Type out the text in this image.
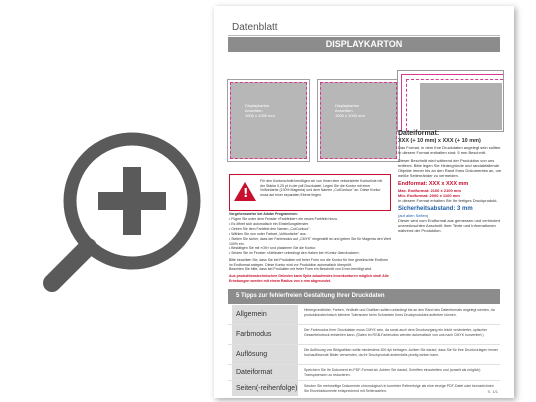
Datenblatt
DISPLAYKARTON
Displaykarton
Ansichten
1000 x 1000 mm
Displaykarton
Ansichten
1000 x 1000 mm
Dateiformat:
XXX (+ 10 mm) x XXX (+ 10 mm)
Das Format, in dem Ihre Druckdaten angelegt sein sollten. In diesem Format enthalten sind: 5 mm Beschnitt.
Dieser Beschnitt wird während der Produktion von uns entfernt. Bitte legen Sie Hintergründe und randabfallende Objekte immer bis an den Rand Ihres Dokumentes an, um weiße Seitenränder zu vermeiden.
Endformat: XXX x XXX mm
Max. Endformat: 2100 x 2100 mm
Min. Endformat: 2000 x 1100 mm
In diesem Format erhalten Sie Ihr fertiges Druckprodukt.
Sicherheitsabstand: 3 mm
(auf allen Seiten)
Dieser wird vom Endformat aus gemessen und verhindert unerwünschten Anschnitt Ihrer Texte und Informationen während der Produktion.
!
Für den Konturschnitt benötigen wir von Ihnen eine vektorisierte Konturlinie mit der Stärke 0,25 pt in der pdf-Druckdatei. Legen Sie die Kontur mit einer Volltonfarbe (100% Magenta) und dem Namen „CutContour" an. Diese Kontur muss auf einer separaten Ebene liegen.
Vorgehensweise bei Adobe Programmen:
• Fügen Sie unter dem Fenster »Farbfelder« ein neues Farbfeld hinzu.
• Es öffnet sich automatisch ein Einstellungsfenster.
• Geben Sie dem Farbfeld den Namen „CutContour".
• Wählen Sie nun unter Farbart „Volltonfarbe" aus.
• Stellen Sie sicher, dass der Farbmodus auf „CMYK" eingestellt ist und geben Sie für Magenta den Wert 100% ein.
• Bestätigen Sie mit »OK« und platzieren Sie die Kontur.
• Setzen Sie im Fenster »Attribute« unbedingt den Haken bei »Kontur überdrucken«.
Bitte beachten Sie, dass Sie bei Produkten mit freier Form nur die Kontur für Ihre gewünschte Endform im Endformat anlegen. Diese Kontur wird vor Produktion automatisch überprüft.
Beachten Sie bitte, dass bei Produkten mit freier Form ein Beschnitt von 5 mm benötigt wird.
Aus produktionstechnischen Gründen kann Spitz zulaufendes Innenkonturen möglich sind! Alle Erhebungen werden mit einem Radius von x mm abgerundet.
5 Tipps zur fehlerfreien Gestaltung Ihrer Druckdaten
Allgemein
Hintergrundbilder, Farben, Verläufe und Grafiken sollten unbedingt bis an den Rand des Datenformats angelegt werden, da produktionstechnisch kleinere Toleranzen beim Schneiden Ihres Druckproduktes auftreten können.
Farbmodus
Der Farbmodus Ihrer Druckdaten muss CMYK sein, da sonst auch dem Druckvorgang ein leicht veränderter, optischer Gesamteindruck entstehen kann. (Daten im RGB-Farbmodus werden automatisch von uns nach CMYK konvertiert.)
Auflösung
Die Auflösung von Bildgrafiken sollte mindestens 300 dpi betragen. Achten Sie darauf, dass Sie für Ihre Druckvorlagen immer hochauflösende Bilder verwenden, da Ihr Druckprodukt andernfalls pixelig wirken kann.
Dateiformat	Speichern Sie Ihr Dokument im PDF-Format ab. Achten Sie darauf, Schriften einzubetten und (soweit als möglich) Transparenzen zu reduzieren.
Seiten(-reihenfolge) Senden Sie mehrseitige Dokumente chronologisch in korrekter Reihenfolge als eine einzige PDF-Datei oder kennzeichnen Sie Einzeldokumente entsprechend mit Seitenzahlen.	S. 1/1
